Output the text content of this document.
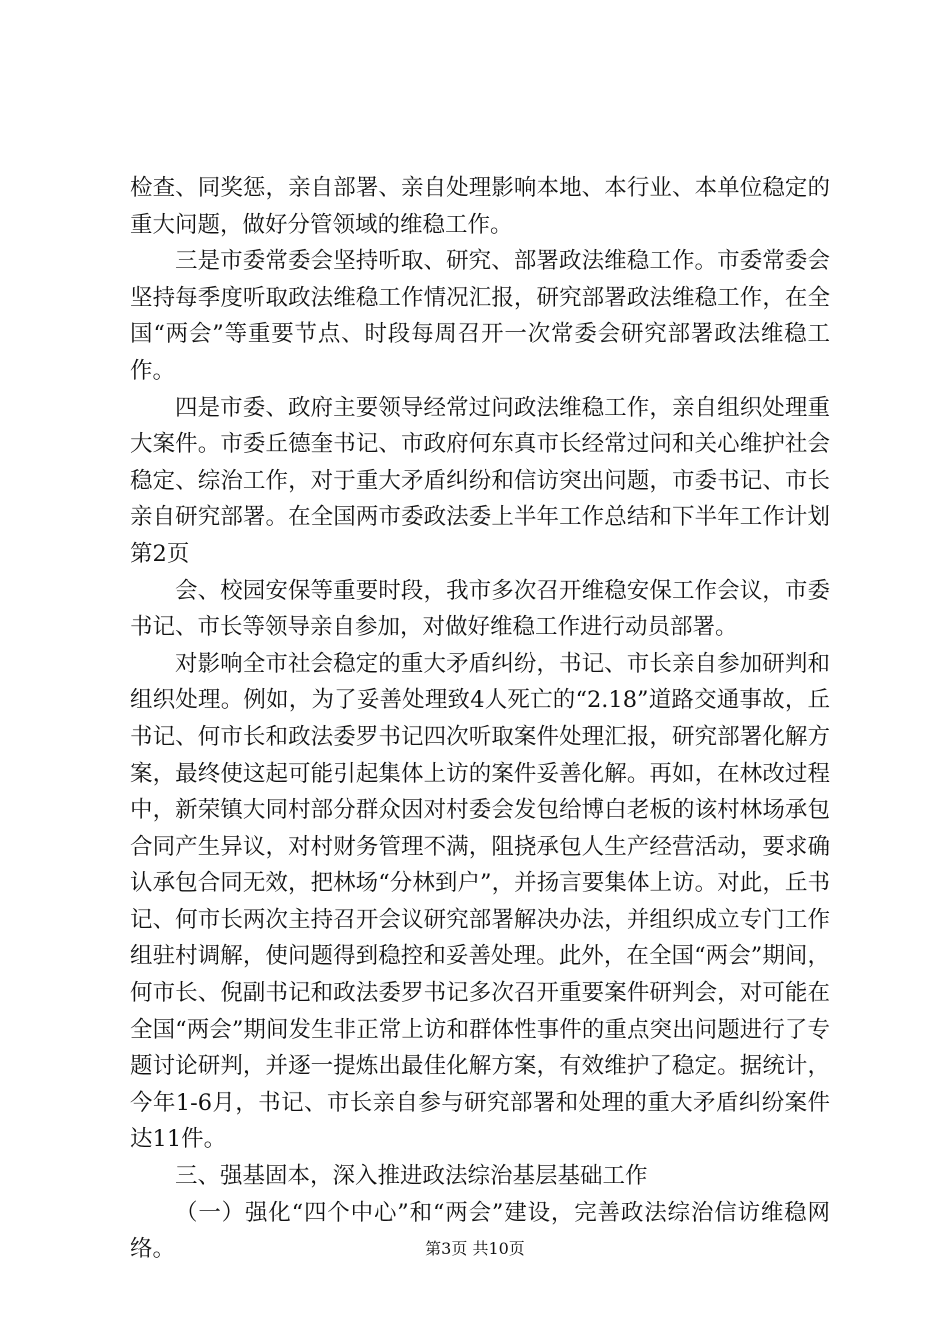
检查、同奖惩，亲自部署、亲自处理影响本地、本行业、本单位稳定的重大问题，做好分管领域的维稳工作。

三是市委常委会坚持听取、研究、部署政法维稳工作。市委常委会坚持每季度听取政法维稳工作情况汇报，研究部署政法维稳工作，在全国“两会”等重要节点、时段每周召开一次常委会研究部署政法维稳工作。

四是市委、政府主要领导经常过问政法维稳工作，亲自组织处理重大案件。市委丘德奎书记、市政府何东真市长经常过问和关心维护社会稳定、综治工作，对于重大矛盾纠纷和信访突出问题，市委书记、市长亲自研究部署。在全国两市委政法委上半年工作总结和下半年工作计划第2页

会、校园安保等重要时段，我市多次召开维稳安保工作会议，市委书记、市长等领导亲自参加，对做好维稳工作进行动员部署。

对影响全市社会稳定的重大矛盾纠纷，书记、市长亲自参加研判和组织处理。例如，为了妥善处理致4人死亡的“2.18”道路交通事故，丘书记、何市长和政法委罗书记四次听取案件处理汇报，研究部署化解方案，最终使这起可能引起集体上访的案件妥善化解。再如，在林改过程中，新荣镇大同村部分群众因对村委会发包给博白老板的该村林场承包合同产生异议，对村财务管理不满，阻挠承包人生产经营活动，要求确认承包合同无效，把林场“分林到户”，并扬言要集体上访。对此，丘书记、何市长两次主持召开会议研究部署解决办法，并组织成立专门工作组驻村调解，使问题得到稳控和妥善处理。此外，在全国“两会”期间，何市长、倪副书记和政法委罗书记多次召开重要案件研判会，对可能在全国“两会”期间发生非正常上访和群体性事件的重点突出问题进行了专题讨论研判，并逐一提炼出最佳化解方案，有效维护了稳定。据统计，今年1-6月，书记、市长亲自参与研究部署和处理的重大矛盾纠纷案件达11件。

三、强基固本，深入推进政法综治基层基础工作

（一）强化“四个中心”和“两会”建设，完善政法综治信访维稳网络。	第3页 共10页
